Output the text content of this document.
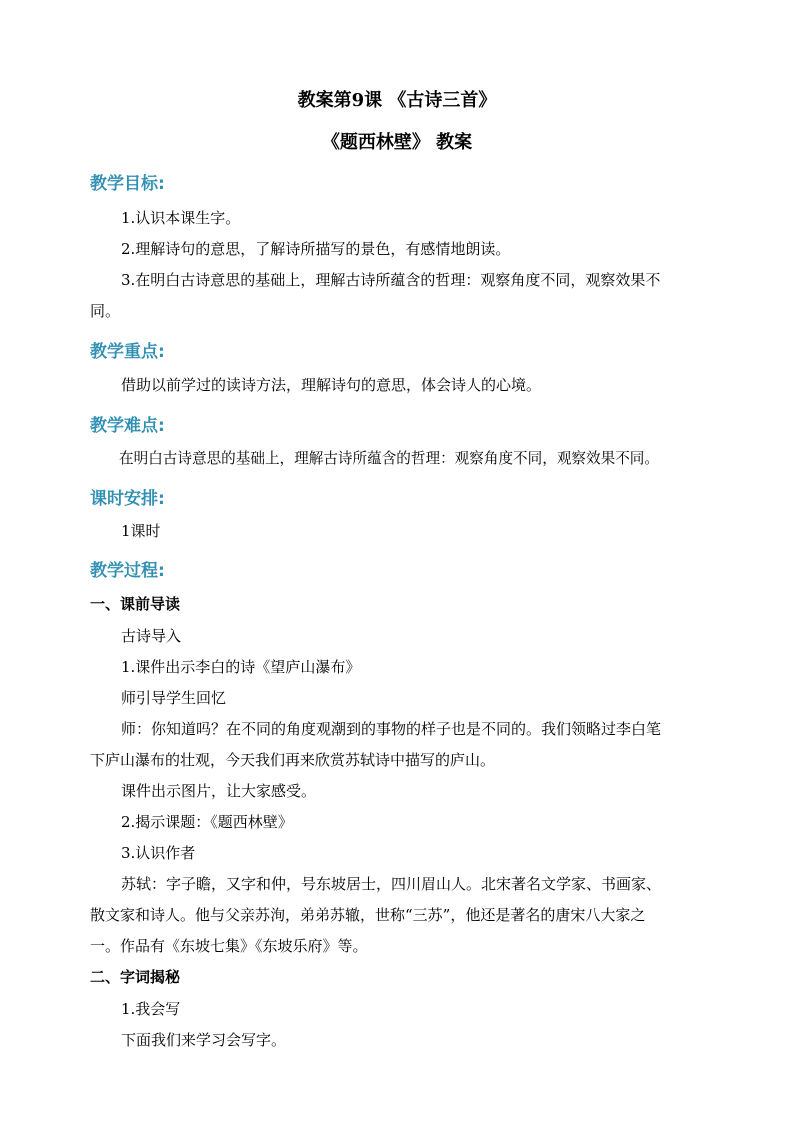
教案第9课 《古诗三首》
《题西林壁》 教案
教学目标:
1.认识本课生字。
2.理解诗句的意思，了解诗所描写的景色，有感情地朗读。
3.在明白古诗意思的基础上，理解古诗所蕴含的哲理：观察角度不同，观察效果不
同。
教学重点:
借助以前学过的读诗方法，理解诗句的意思，体会诗人的心境。
教学难点:
在明白古诗意思的基础上，理解古诗所蕴含的哲理：观察角度不同，观察效果不同。
课时安排:
1课时
教学过程:
一、课前导读
古诗导入
1.课件出示李白的诗《望庐山瀑布》
师引导学生回忆
师：你知道吗？在不同的角度观潮到的事物的样子也是不同的。我们领略过李白笔
下庐山瀑布的壮观，今天我们再来欣赏苏轼诗中描写的庐山。
课件出示图片，让大家感受。
2.揭示课题：《题西林壁》
3.认识作者
苏轼：字子瞻，又字和仲，号东坡居士，四川眉山人。北宋著名文学家、书画家、
散文家和诗人。他与父亲苏洵，弟弟苏辙，世称“三苏”，他还是著名的唐宋八大家之
一。作品有《东坡七集》《东坡乐府》等。
二、字词揭秘
1.我会写
下面我们来学习会写字。
